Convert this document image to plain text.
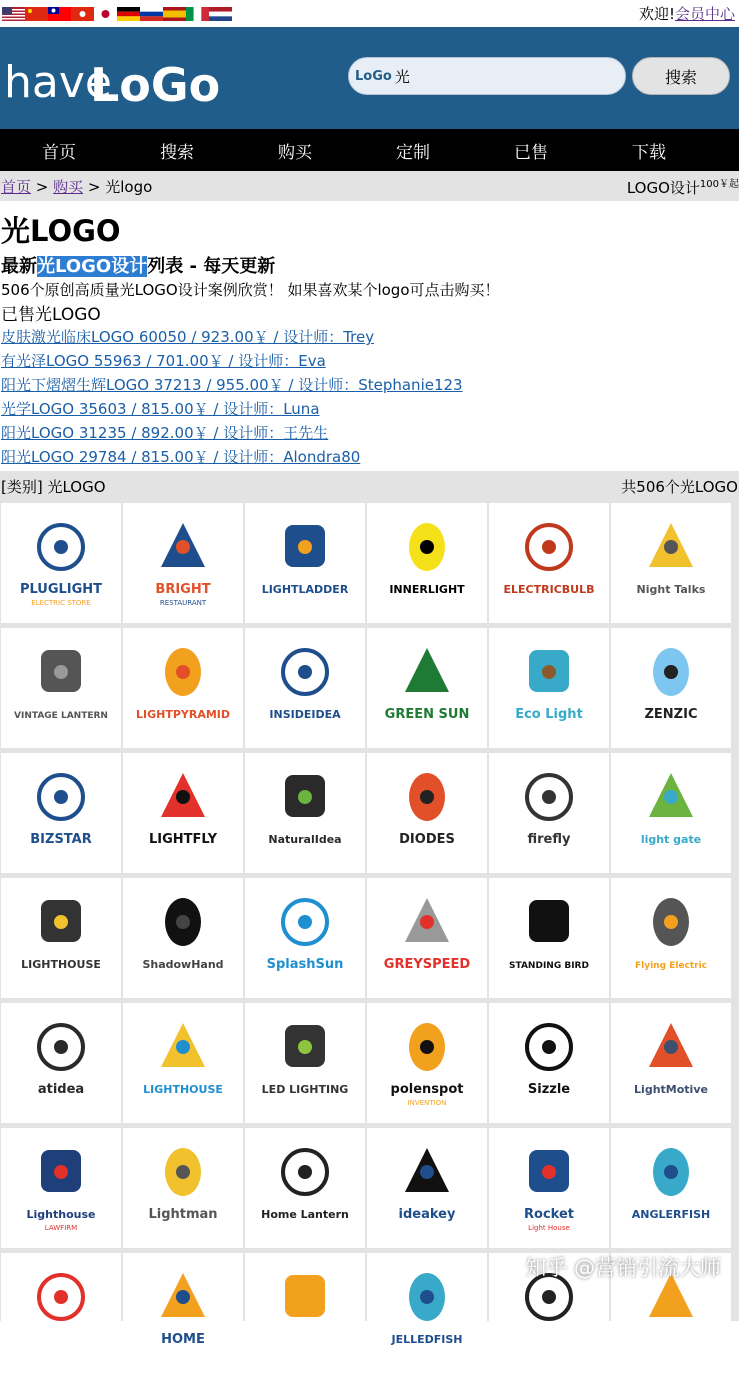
欢迎!会员中心
have
LoGo	LoGo 光	搜索
首页	搜索	购买	定制	已售	下载
首页 > 购买 > 光logo	LOGO设计$^{100￥起}$
光LOGO
最新光LOGO设计列表 - 每天更新
506个原创高质量光LOGO设计案例欣赏！ 如果喜欢某个logo可点击购买！
已售光LOGO
皮肤激光临床LOGO 60050 / 923.00￥ / 设计师：Trey
有光泽LOGO 55963 / 701.00￥ / 设计师：Eva
阳光下熠熠生辉LOGO 37213 / 955.00￥ / 设计师：Stephanie123
光学LOGO 35603 / 815.00￥ / 设计师：Luna
阳光LOGO 31235 / 892.00￥ / 设计师：王先生
阳光LOGO 29784 / 815.00￥ / 设计师：Alondra80
[类别] 光LOGO	共506个光LOGO
PLUGLIGHT
ELECTRIC STORE
BRIGHT
RESTAURANT
LIGHTLADDER	INNERLIGHT	ELECTRICBULB	Night Talks
VINTAGE LANTERN	LIGHTPYRAMID	INSIDEIDEA	GREEN SUN	Eco Light	ZENZIC
BIZSTAR	LIGHTFLY	NaturalIdea	DIODES	firefly	light gate
LIGHTHOUSE	ShadowHand	SplashSun	GREYSPEED	STANDING BIRD	Flying Electric
atidea	LIGHTHOUSE	LED LIGHTING	polenspot
INVENTION
Sizzle	LightMotive
Lighthouse
LAWFIRM
Lightman	Home Lantern	ideakey	Rocket
Light House
ANGLERFISH
HOME	JELLEDFISH
知乎 @营销引流大师
